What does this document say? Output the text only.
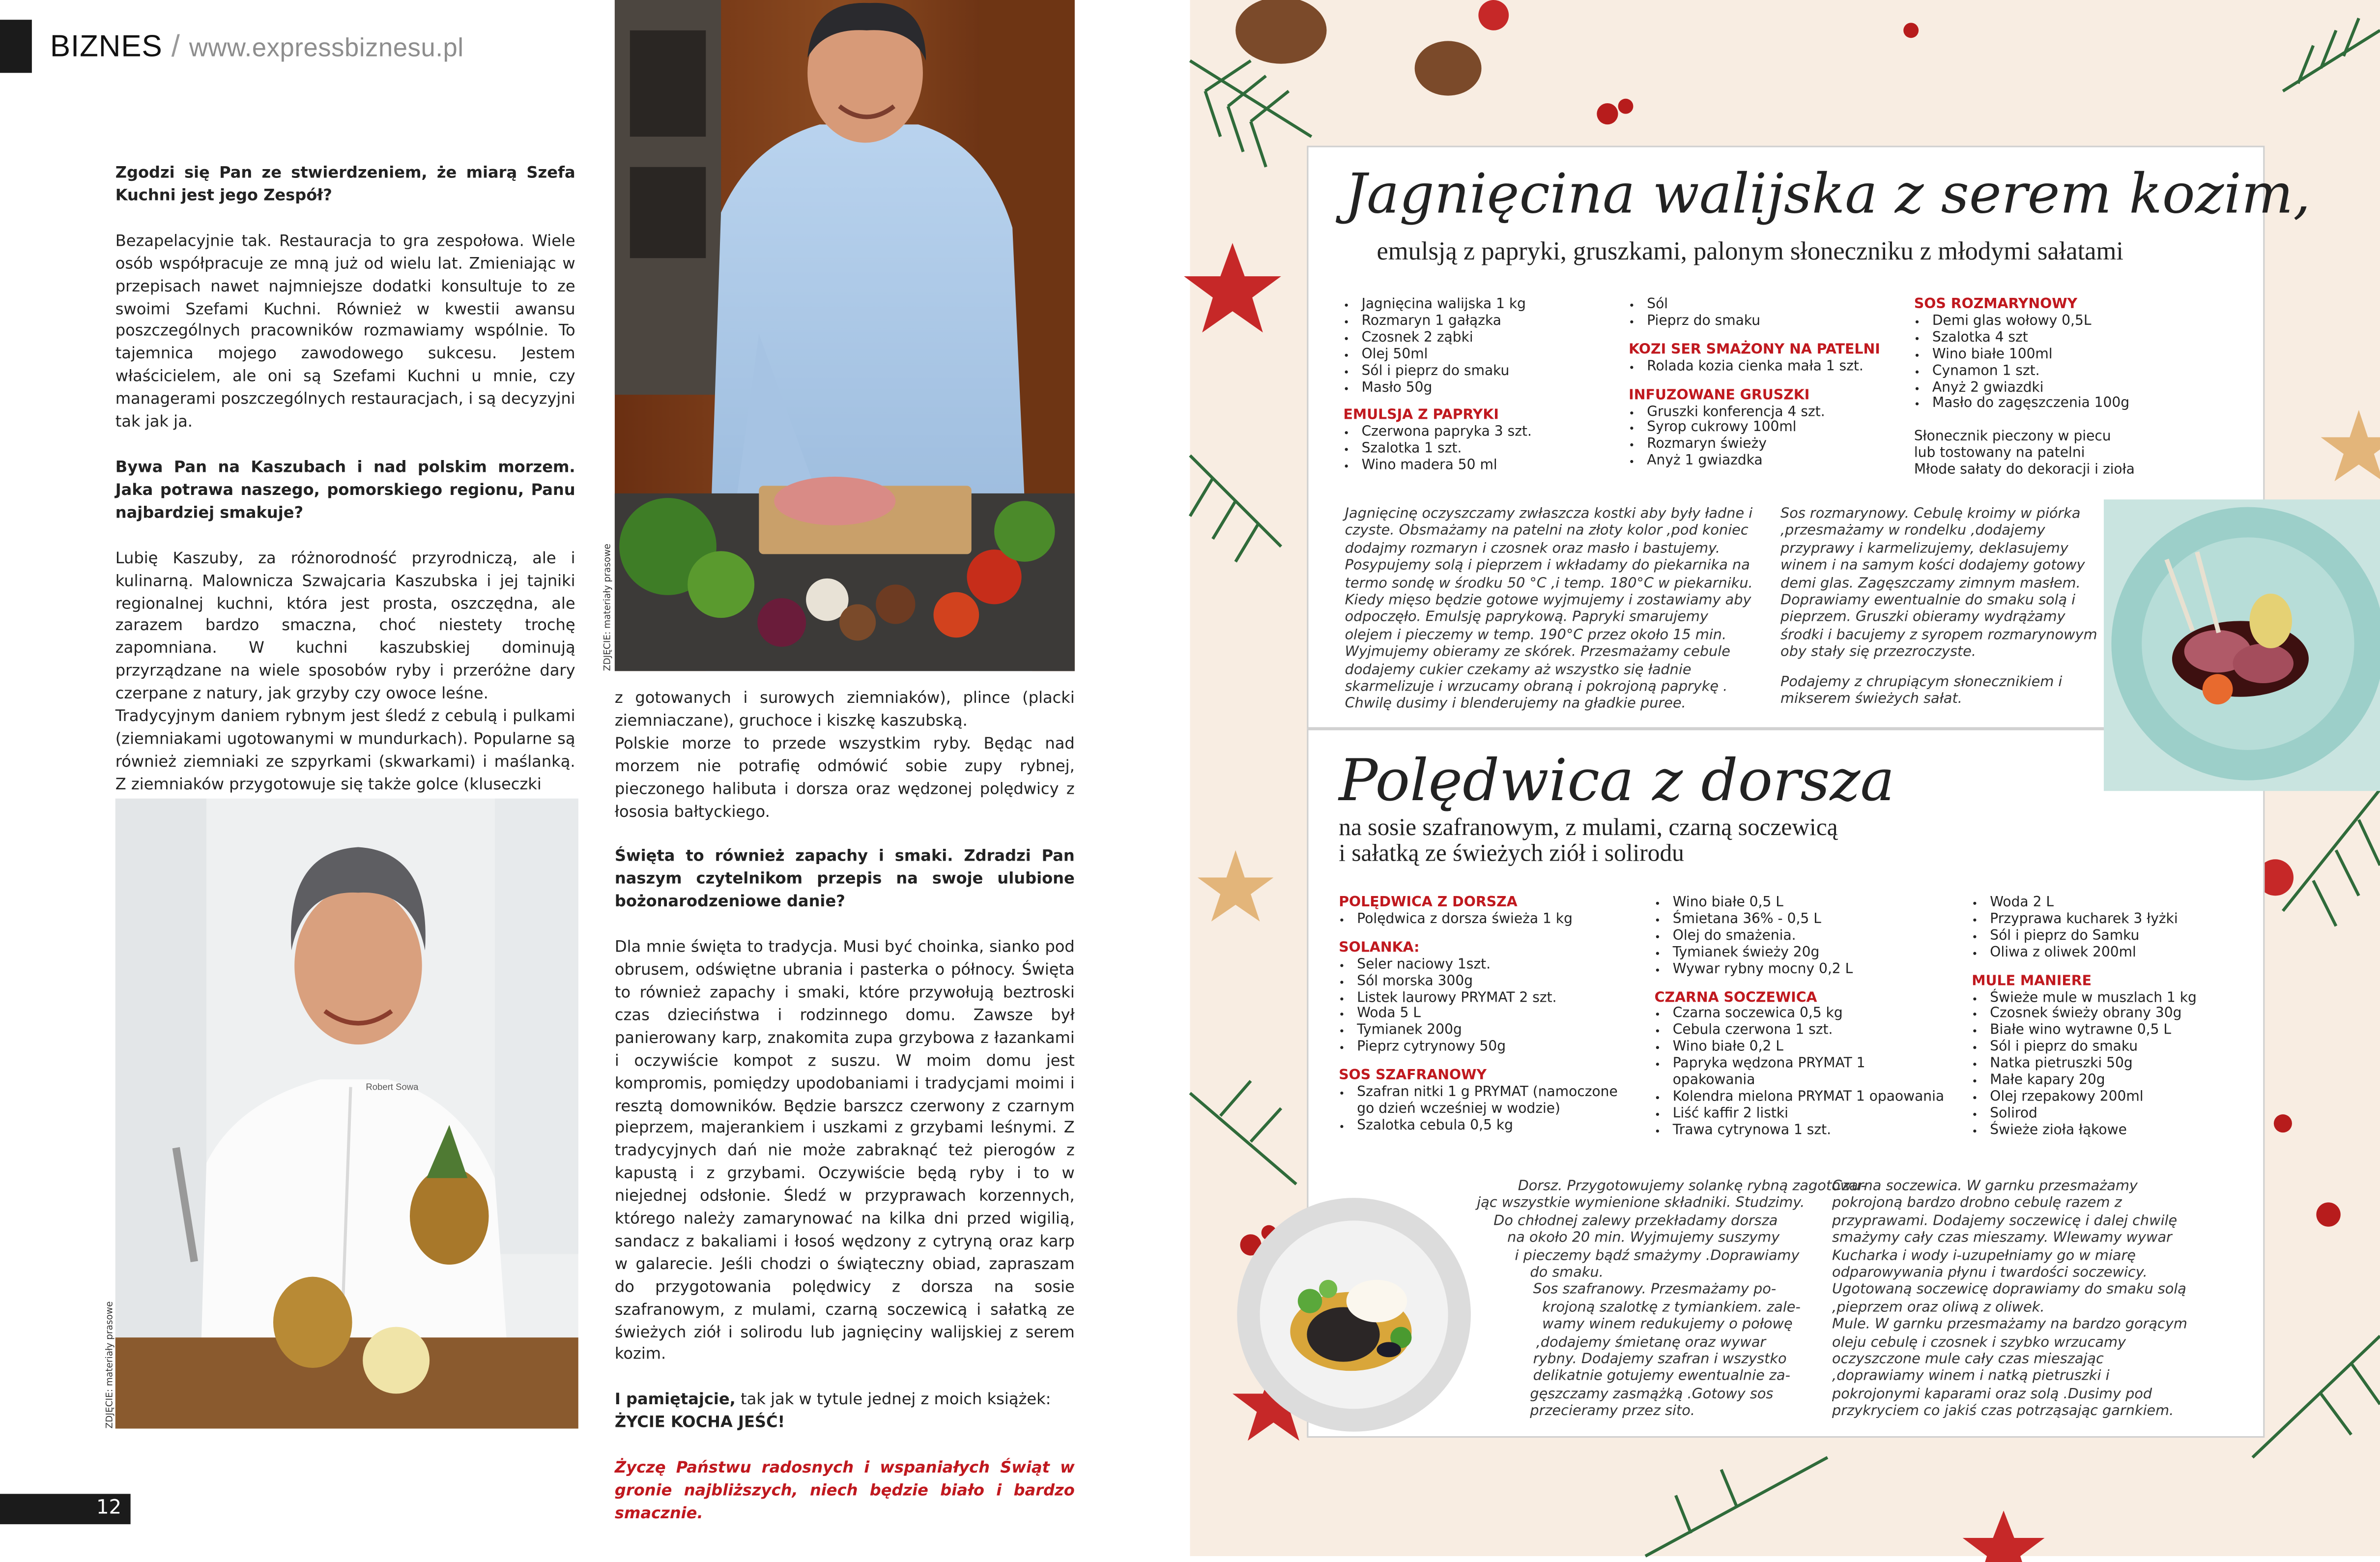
BIZNES / www.expressbiznesu.pl

Zgodzi się Pan ze stwierdzeniem, że miarą Szefa Kuchni jest jego Zespół?

Bezapelacyjnie tak. Restauracja to gra zespołowa. Wiele osób współpracuje ze mną już od wielu lat. Zmieniając w przepisach nawet najmniejsze dodatki konsultuje to ze swoimi Szefami Kuchni. Również w kwestii awansu poszczególnych pracowników rozmawiamy wspólnie. To tajemnica mojego zawodowego sukcesu. Jestem właścicielem, ale oni są Szefami Kuchni u mnie, czy managerami poszczególnych restauracjach, i są decyzyjni tak jak ja.

Bywa Pan na Kaszubach i nad polskim morzem. Jaka potrawa naszego, pomorskiego regionu, Panu najbardziej smakuje?

Lubię Kaszuby, za różnorodność przyrodniczą, ale i kulinarną. Malownicza Szwajcaria Kaszubska i jej tajniki regionalnej kuchni, która jest prosta, oszczędna, ale zarazem bardzo smaczna, choć niestety trochę zapomniana. W kuchni kaszubskiej dominują przyrządzane na wiele sposobów ryby i przeróżne dary czerpane z natury, jak grzyby czy owoce leśne.

Tradycyjnym daniem rybnym jest śledź z cebulą i pulkami (ziemniakami ugotowanymi w mundurkach). Popularne są również ziemniaki ze szpyrkami (skwarkami) i maślanką. Z ziemniaków przygotowuje się także golce (kluseczki

ZDJĘCIE: materiały prasowe

z gotowanych i surowych ziemniaków), plince (placki ziemniaczane), gruchoce i kiszkę kaszubską.

Polskie morze to przede wszystkim ryby. Będąc nad morzem nie potrafię odmówić sobie zupy rybnej, pieczonego halibuta i dorsza oraz wędzonej polędwicy z łososia bałtyckiego.

Święta to również zapachy i smaki. Zdradzi Pan naszym czytelnikom przepis na swoje ulubione bożonarodzeniowe danie?

Dla mnie święta to tradycja. Musi być choinka, sianko pod obrusem, odświętne ubrania i pasterka o północy. Święta to również zapachy i smaki, które przywołują beztroski czas dzieciństwa i rodzinnego domu. Zawsze był panierowany karp, znakomita zupa grzybowa z łazankami i oczywiście kompot z suszu. W moim domu jest kompromis, pomiędzy upodobaniami i tradycjami moimi i resztą domowników. Będzie barszcz czerwony z czarnym pieprzem, majerankiem i uszkami z grzybami leśnymi. Z tradycyjnych dań nie może zabraknąć też pierogów z kapustą i z grzybami. Oczywiście będą ryby i to w niejednej odsłonie. Śledź w przyprawach korzennych, którego należy zamarynować na kilka dni przed wigilią, sandacz z bakaliami i łosoś wędzony z cytryną oraz karp w galarecie. Jeśli chodzi o świąteczny obiad, zapraszam do przygotowania polędwicy z dorsza na sosie szafranowym, z mulami, czarną soczewicą i sałatką ze świeżych ziół i solirodu lub jagnięciny walijskiej z serem kozim.

I pamiętajcie, tak jak w tytule jednej z moich książek:

ŻYCIE KOCHA JEŚĆ!

Życzę Państwu radosnych i wspaniałych Świąt w gronie najbliższych, niech będzie biało i bardzo smacznie.

Robert Sowa
ZDJĘCIE: materiały prasowe
12
Jagnięcina walijska z serem kozim,
emulsją z papryki, gruszkami, palonym słoneczniku z młodymi sałatami
• Jagnięcina walijska 1 kg
• Rozmaryn 1 gałązka
• Czosnek 2 ząbki
• Olej 50ml
• Sól i pieprz do smaku
• Masło 50g
EMULSJA Z PAPRYKI
• Czerwona papryka 3 szt.
• Szalotka 1 szt.
• Wino madera 50 ml
• Sól
• Pieprz do smaku
KOZI SER SMAŻONY NA PATELNI
• Rolada kozia cienka mała 1 szt.
INFUZOWANE GRUSZKI
• Gruszki konferencja 4 szt.
• Syrop cukrowy 100ml
• Rozmaryn świeży
• Anyż 1 gwiazdka
SOS ROZMARYNOWY
• Demi glas wołowy 0,5L
• Szalotka 4 szt
• Wino białe 100ml
• Cynamon 1 szt.
• Anyż 2 gwiazdki
• Masło do zagęszczenia 100g

Słonecznik pieczony w piecu

lub tostowany na patelni

Młode sałaty do dekoracji i zioła

Jagnięcinę oczyszczamy zwłaszcza kostki aby były ładne i czyste. Obsmażamy na patelni na złoty kolor ,pod koniec dodajmy rozmaryn i czosnek oraz masło i bastujemy. Posypujemy solą i pieprzem i wkładamy do piekarnika na termo sondę w środku 50 °C ,i temp. 180°C w piekarniku. Kiedy mięso będzie gotowe wyjmujemy i zostawiamy aby odpoczęło. Emulsję paprykową. Papryki smarujemy olejem i pieczemy w temp. 190°C przez około 15 min. Wyjmujemy obieramy ze skórek. Przesmażamy cebule dodajemy cukier czekamy aż wszystko się ładnie skarmelizuje i wrzucamy obraną i pokrojoną paprykę . Chwilę dusimy i blenderujemy na gładkie puree.

Sos rozmarynowy. Cebulę kroimy w piórka ,przesmażamy w rondelku ,dodajemy przyprawy i karmelizujemy, deklasujemy winem i na samym kości dodajemy gotowy demi glas. Zagęszczamy zimnym masłem. Doprawiamy ewentualnie do smaku solą i pieprzem. Gruszki obieramy wydrążamy środki i bacujemy z syropem rozmarynowym oby stały się przezroczyste.

Podajemy z chrupiącym słonecznikiem i mikserem świeżych sałat.

Polędwica z dorsza
na sosie szafranowym, z mulami, czarną soczewicą
i sałatką ze świeżych ziół i solirodu
POLĘDWICA Z DORSZA
• Polędwica z dorsza świeża 1 kg
SOLANKA:
• Seler naciowy 1szt.
• Sól morska 300g
• Listek laurowy PRYMAT 2 szt.
• Woda 5 L
• Tymianek 200g
• Pieprz cytrynowy 50g
SOS SZAFRANOWY
• Szafran nitki 1 g PRYMAT (namoczone go dzień wcześniej w wodzie)
• Szalotka cebula 0,5 kg
• Wino białe 0,5 L
• Śmietana 36% - 0,5 L
• Olej do smażenia.
• Tymianek świeży 20g
• Wywar rybny mocny 0,2 L
CZARNA SOCZEWICA
• Czarna soczewica 0,5 kg
• Cebula czerwona 1 szt.
• Wino białe 0,2 L
• Papryka wędzona PRYMAT 1 opakowania
• Kolendra mielona PRYMAT 1 opaowania
• Liść kaffir 2 listki
• Trawa cytrynowa 1 szt.
• Woda 2 L
• Przyprawa kucharek 3 łyżki
• Sól i pieprz do Samku
• Oliwa z oliwek 200ml
MULE MANIERE
• Świeże mule w muszlach 1 kg
• Czosnek świeży obrany 30g
• Białe wino wytrawne 0,5 L
• Sól i pieprz do smaku
• Natka pietruszki 50g
• Małe kapary 20g
• Olej rzepakowy 200ml
• Solirod
• Świeże zioła łąkowe

Dorsz. Przygotowujemy solankę rybną zagotowu-

jąc wszystkie wymienione składniki. Studzimy.

Do chłodnej zalewy przekładamy dorsza

na około 20 min. Wyjmujemy suszymy

i pieczemy bądź smażymy .Doprawiamy

do smaku.

Sos szafranowy. Przesmażamy po-

krojoną szalotkę z tymiankiem. zale-

wamy winem redukujemy o połowę

,dodajemy śmietanę oraz wywar

rybny. Dodajemy szafran i wszystko

delikatnie gotujemy ewentualnie za-

gęszczamy zasmążką .Gotowy sos

przecieramy przez sito.

Czarna soczewica. W garnku przesmażamy pokrojoną bardzo drobno cebulę razem z przyprawami. Dodajemy soczewicę i dalej chwilę smażymy cały czas mieszamy. Wlewamy wywar Kucharka i wody i-uzupełniamy go w miarę odparowywania płynu i twardości soczewicy. Ugotowaną soczewicę doprawiamy do smaku solą ,pieprzem oraz oliwą z oliwek.

Mule. W garnku przesmażamy na bardzo gorącym oleju cebulę i czosnek i szybko wrzucamy oczyszczone mule cały czas mieszając ,doprawiamy winem i natką pietruszki i pokrojonymi kaparami oraz solą .Dusimy pod przykryciem co jakiś czas potrząsając garnkiem.
